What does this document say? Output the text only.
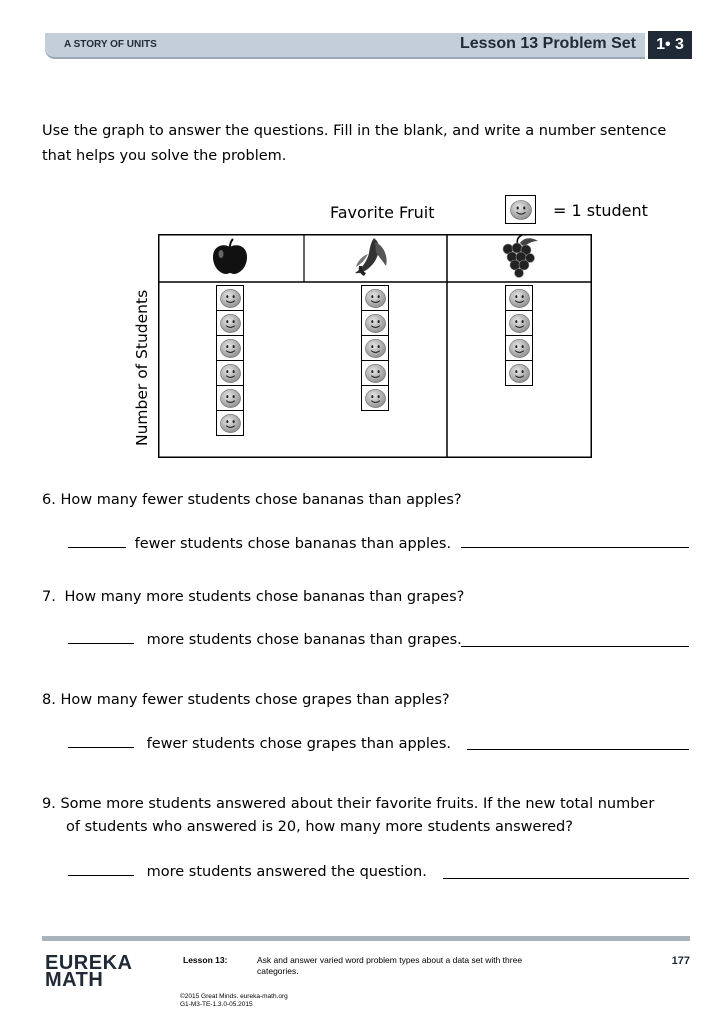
A STORY OF UNITS	Lesson 13 Problem Set	1• 3
Use the graph to answer the questions. Fill in the blank, and write a number sentence that helps you solve the problem.
Favorite Fruit	= 1 student
Number of Students
6. How many fewer students chose bananas than apples?
fewer students chose bananas than apples.
7. How many more students chose bananas than grapes?
more students chose bananas than grapes.
8. How many fewer students chose grapes than apples?
fewer students chose grapes than apples.
9. Some more students answered about their favorite fruits. If the new total number
of students who answered is 20, how many more students answered?
more students answered the question.
EUREKA
MATH
Lesson 13:	Ask and answer varied word problem types about a data set with three categories.
177
©2015 Great Minds. eureka-math.org
G1-M3-TE-1.3.0-05.2015
